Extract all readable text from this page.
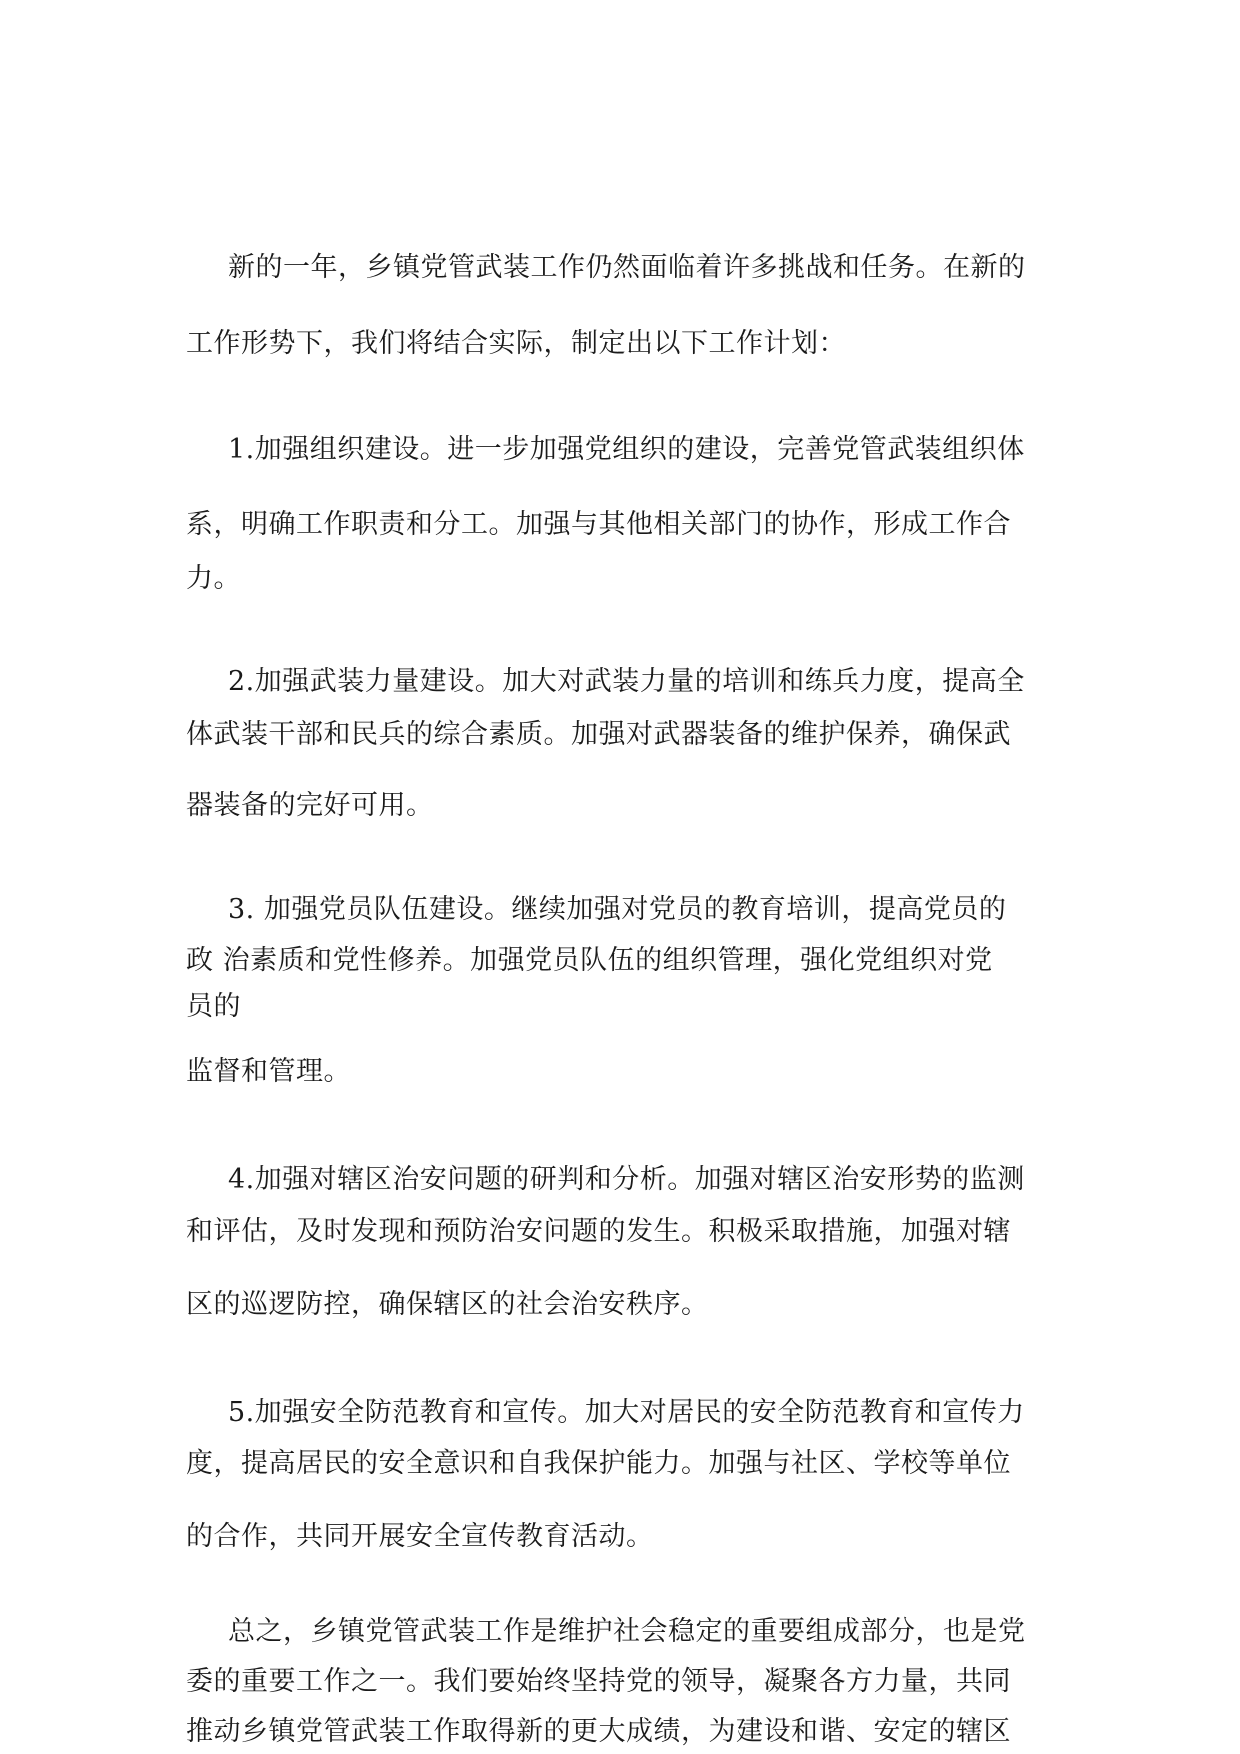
新的一年，乡镇党管武装工作仍然面临着许多挑战和任务。在新的
工作形势下，我们将结合实际，制定出以下工作计划：
1.加强组织建设。进一步加强党组织的建设，完善党管武装组织体
系，明确工作职责和分工。加强与其他相关部门的协作，形成工作合
力。
2.加强武装力量建设。加大对武装力量的培训和练兵力度，提高全
体武装干部和民兵的综合素质。加强对武器装备的维护保养，确保武
器装备的完好可用。
3. 加强党员队伍建设。继续加强对党员的教育培训，提高党员的
政 治素质和党性修养。加强党员队伍的组织管理，强化党组织对党
员的
监督和管理。
4.加强对辖区治安问题的研判和分析。加强对辖区治安形势的监测
和评估，及时发现和预防治安问题的发生。积极采取措施，加强对辖
区的巡逻防控，确保辖区的社会治安秩序。
5.加强安全防范教育和宣传。加大对居民的安全防范教育和宣传力
度，提高居民的安全意识和自我保护能力。加强与社区、学校等单位
的合作，共同开展安全宣传教育活动。
总之，乡镇党管武装工作是维护社会稳定的重要组成部分，也是党
委的重要工作之一。我们要始终坚持党的领导，凝聚各方力量，共同
推动乡镇党管武装工作取得新的更大成绩，为建设和谐、安定的辖区
